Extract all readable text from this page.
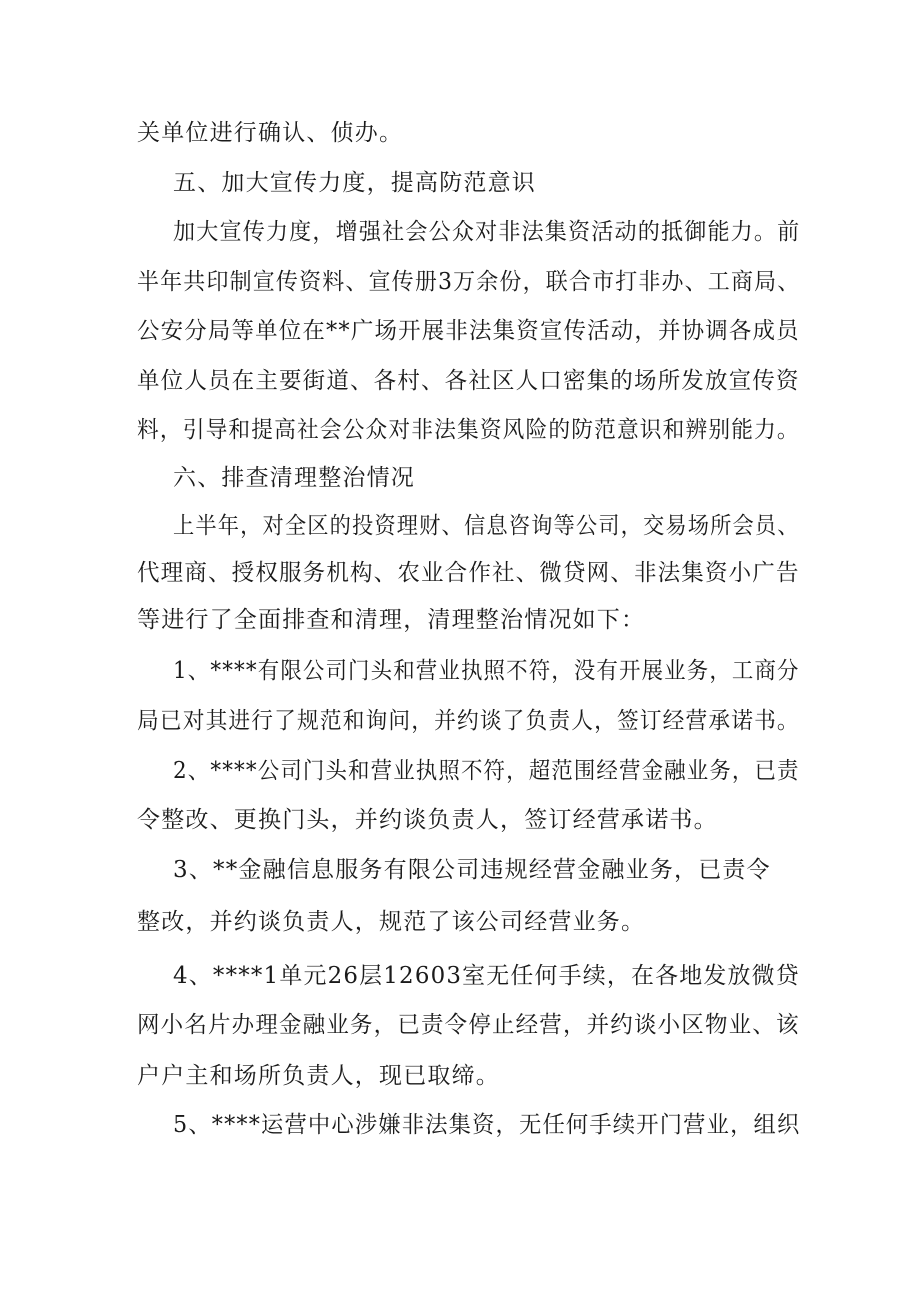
关单位进行确认、侦办。
五、加大宣传力度，提高防范意识
加大宣传力度，增强社会公众对非法集资活动的抵御能力。前
半年共印制宣传资料、宣传册3万余份，联合市打非办、工商局、
公安分局等单位在**广场开展非法集资宣传活动，并协调各成员
单位人员在主要街道、各村、各社区人口密集的场所发放宣传资
料，引导和提高社会公众对非法集资风险的防范意识和辨别能力。
六、排查清理整治情况
上半年，对全区的投资理财、信息咨询等公司，交易场所会员、
代理商、授权服务机构、农业合作社、微贷网、非法集资小广告
等进行了全面排查和清理，清理整治情况如下：
1、****有限公司门头和营业执照不符，没有开展业务，工商分
局已对其进行了规范和询问，并约谈了负责人，签订经营承诺书。
2、****公司门头和营业执照不符，超范围经营金融业务，已责
令整改、更换门头，并约谈负责人，签订经营承诺书。
3、**金融信息服务有限公司违规经营金融业务，已责令
整改，并约谈负责人，规范了该公司经营业务。
4、****1单元26层12603室无任何手续，在各地发放微贷
网小名片办理金融业务，已责令停止经营，并约谈小区物业、该
户户主和场所负责人，现已取缔。
5、****运营中心涉嫌非法集资，无任何手续开门营业，组织
